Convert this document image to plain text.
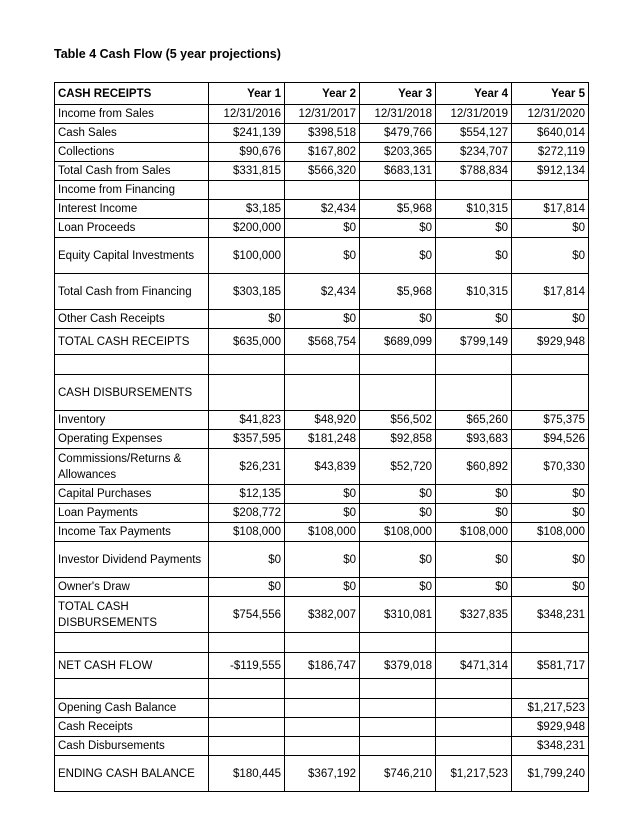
Table 4 Cash Flow (5 year projections)
CASH RECEIPTS	Year 1	Year 2	Year 3	Year 4	Year 5
Income from Sales	12/31/2016	12/31/2017	12/31/2018	12/31/2019	12/31/2020
Cash Sales	$241,139	$398,518	$479,766	$554,127	$640,014
Collections	$90,676	$167,802	$203,365	$234,707	$272,119
Total Cash from Sales	$331,815	$566,320	$683,131	$788,834	$912,134
Income from Financing					
Interest Income	$3,185	$2,434	$5,968	$10,315	$17,814
Loan Proceeds	$200,000	$0	$0	$0	$0
Equity Capital Investments	$100,000	$0	$0	$0	$0
Total Cash from Financing	$303,185	$2,434	$5,968	$10,315	$17,814
Other Cash Receipts	$0	$0	$0	$0	$0
TOTAL CASH RECEIPTS	$635,000	$568,754	$689,099	$799,149	$929,948

CASH DISBURSEMENTS					
Inventory	$41,823	$48,920	$56,502	$65,260	$75,375
Operating Expenses	$357,595	$181,248	$92,858	$93,683	$94,526
Commissions/Returns & Allowances	$26,231	$43,839	$52,720	$60,892	$70,330
Capital Purchases	$12,135	$0	$0	$0	$0
Loan Payments	$208,772	$0	$0	$0	$0
Income Tax Payments	$108,000	$108,000	$108,000	$108,000	$108,000
Investor Dividend Payments	$0	$0	$0	$0	$0
Owner's Draw	$0	$0	$0	$0	$0
TOTAL CASH DISBURSEMENTS	$754,556	$382,007	$310,081	$327,835	$348,231

NET CASH FLOW	-$119,555	$186,747	$379,018	$471,314	$581,717

Opening Cash Balance					$1,217,523
Cash Receipts					$929,948
Cash Disbursements					$348,231
ENDING CASH BALANCE	$180,445	$367,192	$746,210	$1,217,523	$1,799,240
